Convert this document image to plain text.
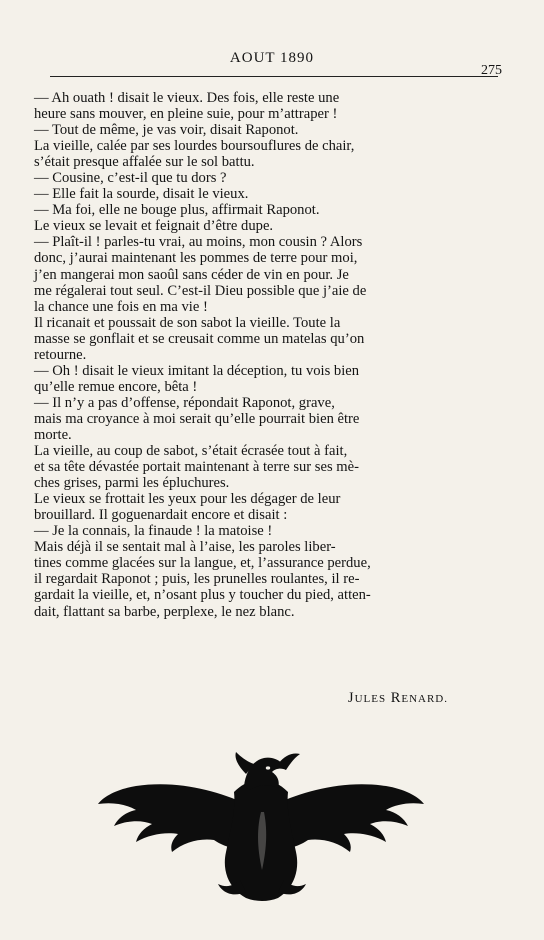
AOUT 1890
275
— Ah ouath ! disait le vieux. Des fois, elle reste une
heure sans mouver, en pleine suie, pour m’attraper !
— Tout de même, je vas voir, disait Raponot.
La vieille, calée par ses lourdes boursouflures de chair,
s’était presque affalée sur le sol battu.
— Cousine, c’est-il que tu dors ?
— Elle fait la sourde, disait le vieux.
— Ma foi, elle ne bouge plus, affirmait Raponot.
Le vieux se levait et feignait d’être dupe.
— Plaît-il ! parles-tu vrai, au moins, mon cousin ? Alors
donc, j’aurai maintenant les pommes de terre pour moi,
j’en mangerai mon saoûl sans céder de vin en pour. Je
me régalerai tout seul. C’est-il Dieu possible que j’aie de
la chance une fois en ma vie !
Il ricanait et poussait de son sabot la vieille. Toute la
masse se gonflait et se creusait comme un matelas qu’on
retourne.
— Oh ! disait le vieux imitant la déception, tu vois bien
qu’elle remue encore, bêta !
— Il n’y a pas d’offense, répondait Raponot, grave,
mais ma croyance à moi serait qu’elle pourrait bien être
morte.
La vieille, au coup de sabot, s’était écrasée tout à fait,
et sa tête dévastée portait maintenant à terre sur ses mè-
ches grises, parmi les épluchures.
Le vieux se frottait les yeux pour les dégager de leur
brouillard. Il goguenardait encore et disait :
— Je la connais, la finaude ! la matoise !
Mais déjà il se sentait mal à l’aise, les paroles liber-
tines comme glacées sur la langue, et, l’assurance perdue,
il regardait Raponot ; puis, les prunelles roulantes, il re-
gardait la vieille, et, n’osant plus y toucher du pied, atten-
dait, flattant sa barbe, perplexe, le nez blanc.
JULES RENARD.
